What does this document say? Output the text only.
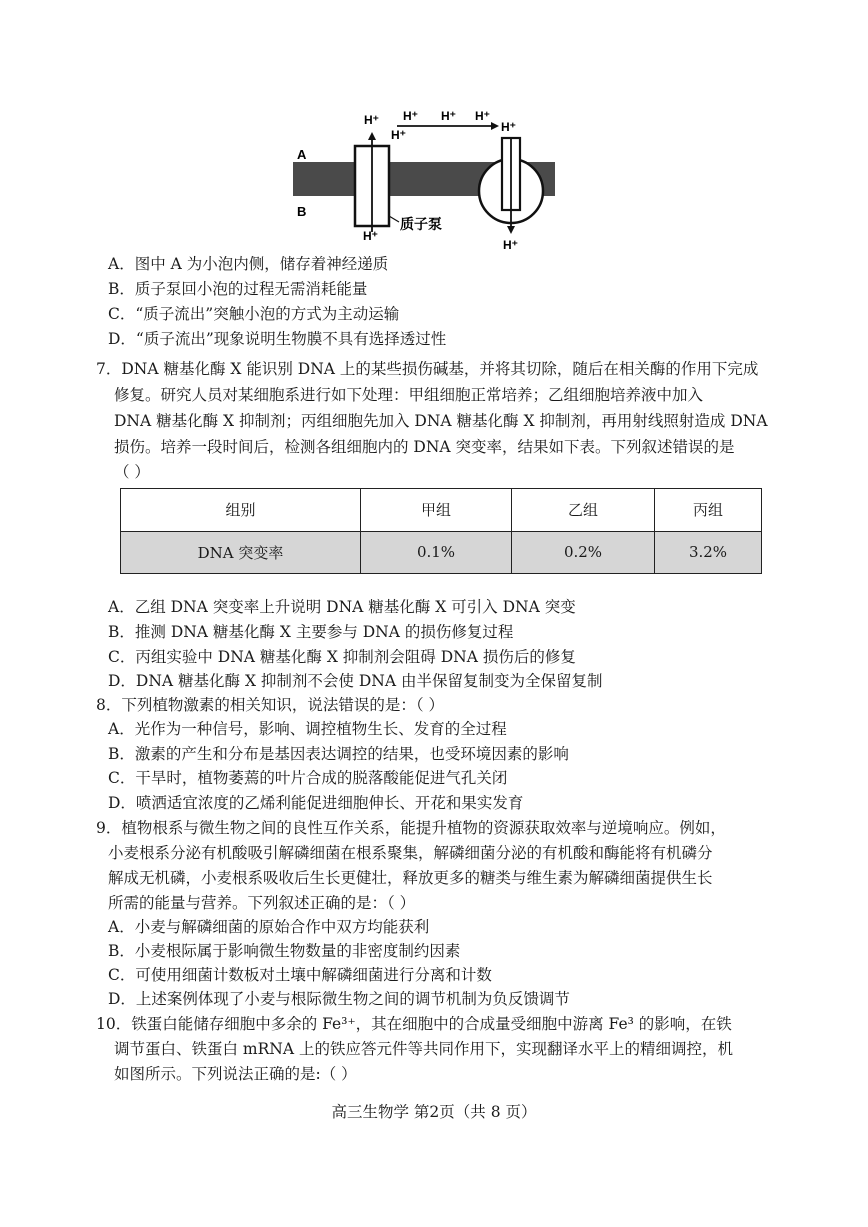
A
B
H⁺
H⁺
H⁺ H⁺ H⁺
H⁺
H⁺
H⁺
质子泵
A．图中 A 为小泡内侧，储存着神经递质
B．质子泵回小泡的过程无需消耗能量
C．“质子流出”突触小泡的方式为主动运输
D．“质子流出”现象说明生物膜不具有选择透过性
7．DNA 糖基化酶 X 能识别 DNA 上的某些损伤碱基，并将其切除，随后在相关酶的作用下完成
修复。研究人员对某细胞系进行如下处理：甲组细胞正常培养；乙组细胞培养液中加入
DNA 糖基化酶 X 抑制剂；丙组细胞先加入 DNA 糖基化酶 X 抑制剂，再用射线照射造成 DNA
损伤。培养一段时间后，检测各组细胞内的 DNA 突变率，结果如下表。下列叙述错误的是
（ ）
组别	甲组	乙组	丙组
DNA 突变率	0.1%	0.2%	3.2%
A．乙组 DNA 突变率上升说明 DNA 糖基化酶 X 可引入 DNA 突变
B．推测 DNA 糖基化酶 X 主要参与 DNA 的损伤修复过程
C．丙组实验中 DNA 糖基化酶 X 抑制剂会阻碍 DNA 损伤后的修复
D．DNA 糖基化酶 X 抑制剂不会使 DNA 由半保留复制变为全保留复制
8．下列植物激素的相关知识，说法错误的是：（ ）
A．光作为一种信号，影响、调控植物生长、发育的全过程
B．激素的产生和分布是基因表达调控的结果，也受环境因素的影响
C．干旱时，植物萎蔫的叶片合成的脱落酸能促进气孔关闭
D．喷洒适宜浓度的乙烯利能促进细胞伸长、开花和果实发育
9．植物根系与微生物之间的良性互作关系，能提升植物的资源获取效率与逆境响应。例如，
小麦根系分泌有机酸吸引解磷细菌在根系聚集，解磷细菌分泌的有机酸和酶能将有机磷分
解成无机磷，小麦根系吸收后生长更健壮，释放更多的糖类与维生素为解磷细菌提供生长
所需的能量与营养。下列叙述正确的是：（ ）
A．小麦与解磷细菌的原始合作中双方均能获利
B．小麦根际属于影响微生物数量的非密度制约因素
C．可使用细菌计数板对土壤中解磷细菌进行分离和计数
D．上述案例体现了小麦与根际微生物之间的调节机制为负反馈调节
10．铁蛋白能储存细胞中多余的 Fe³⁺，其在细胞中的合成量受细胞中游离 Fe³ 的影响，在铁
调节蛋白、铁蛋白 mRNA 上的铁应答元件等共同作用下，实现翻译水平上的精细调控，机
如图所示。下列说法正确的是:（ ）
高三生物学 第2页（共 8 页）
